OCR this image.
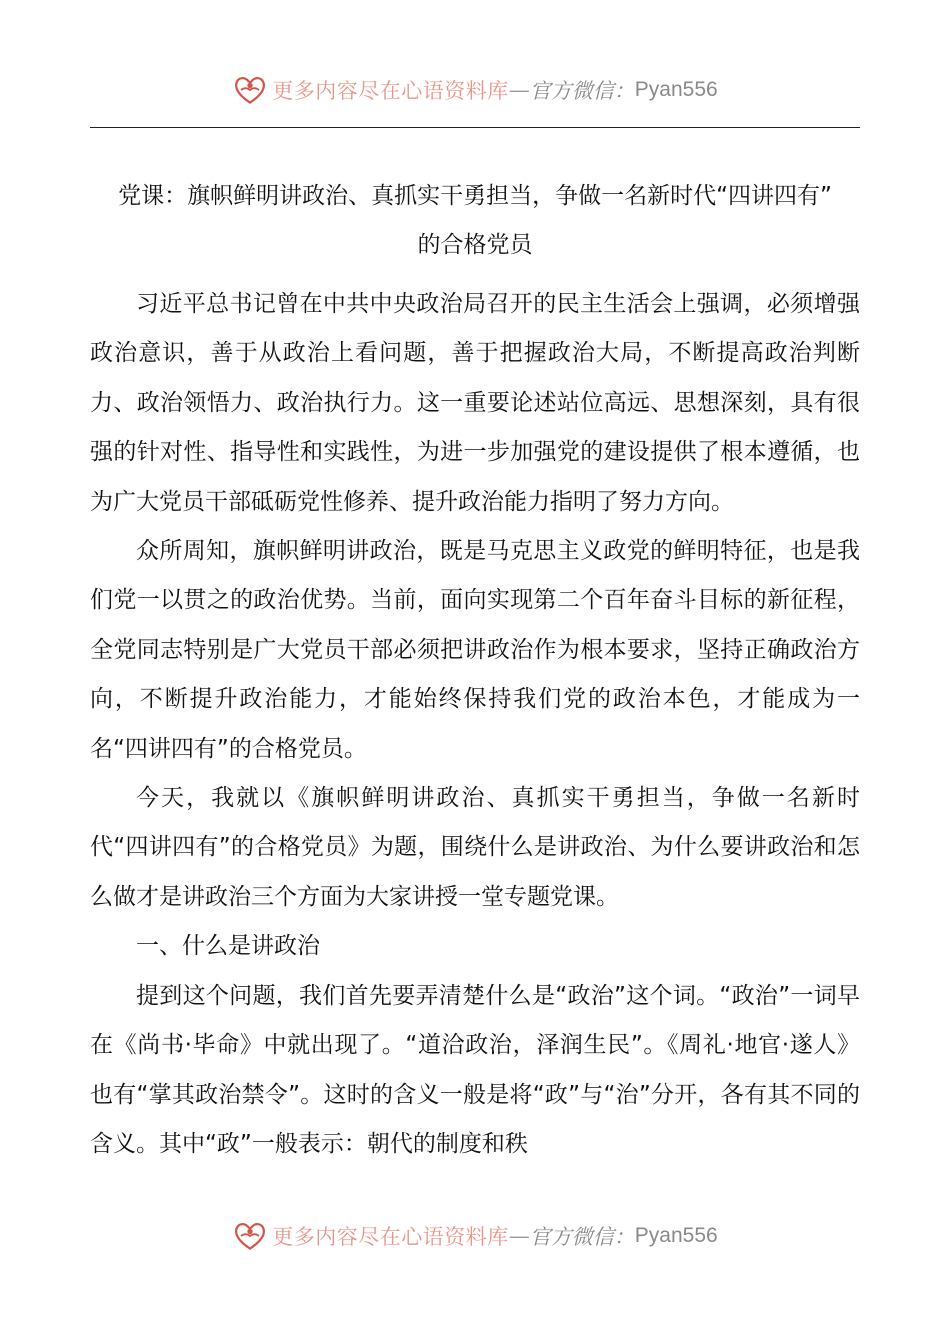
更多内容尽在心语资料库 — 官方微信： Pyan556
党课：旗帜鲜明讲政治、真抓实干勇担当，争做一名新时代“四讲四有”
的合格党员

习近平总书记曾在中共中央政治局召开的民主生活会上强调，必须增强政治意识，善于从政治上看问题，善于把握政治大局，不断提高政治判断力、政治领悟力、政治执行力。这一重要论述站位高远、思想深刻，具有很强的针对性、指导性和实践性，为进一步加强党的建设提供了根本遵循，也为广大党员干部砥砺党性修养、提升政治能力指明了努力方向。

众所周知，旗帜鲜明讲政治，既是马克思主义政党的鲜明特征，也是我们党一以贯之的政治优势。当前，面向实现第二个百年奋斗目标的新征程，全党同志特别是广大党员干部必须把讲政治作为根本要求，坚持正确政治方向，不断提升政治能力，才能始终保持我们党的政治本色，才能成为一名“四讲四有”的合格党员。

今天，我就以《旗帜鲜明讲政治、真抓实干勇担当，争做一名新时代“四讲四有”的合格党员》为题，围绕什么是讲政治、为什么要讲政治和怎么做才是讲政治三个方面为大家讲授一堂专题党课。

一、什么是讲政治

提到这个问题，我们首先要弄清楚什么是“政治”这个词。“政治”一词早在《尚书·毕命》中就出现了。“道洽政治，泽润生民”。《周礼·地官·遂人》也有“掌其政治禁令”。这时的含义一般是将“政”与“治”分开，各有其不同的含义。其中“政”一般表示：朝代的制度和秩

更多内容尽在心语资料库 — 官方微信： Pyan556
